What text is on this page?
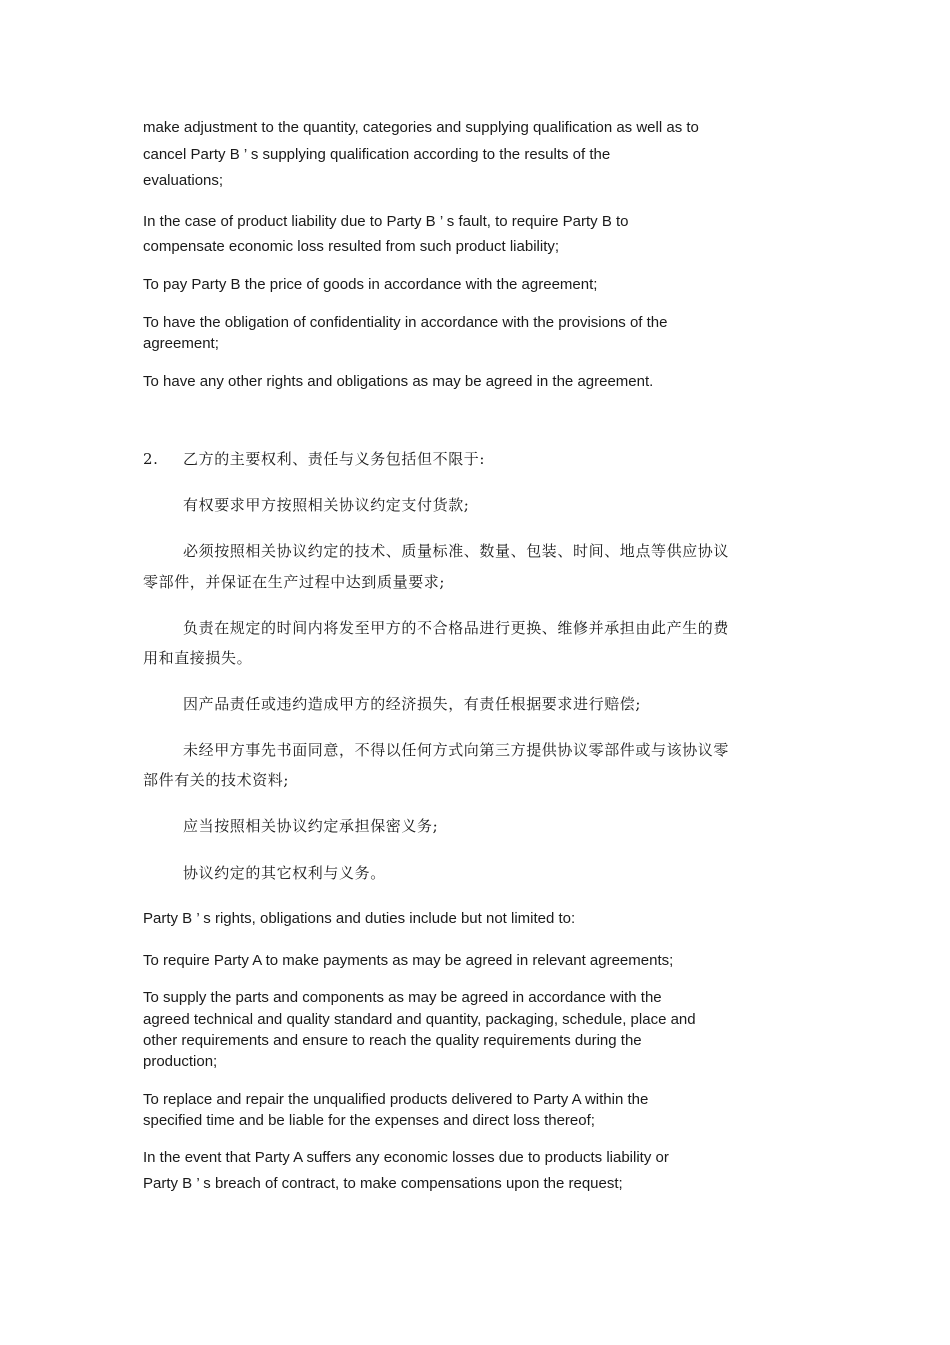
make adjustment to the quantity, categories and supplying qualification as well as to
cancel Party B ’ s supplying qualification according to the results of the
evaluations;
In the case of product liability due to Party B ’ s fault, to require Party B to
compensate economic loss resulted from such product liability;
To pay Party B the price of goods in accordance with the agreement;
To have the obligation of confidentiality in accordance with the provisions of the
agreement;
To have any other rights and obligations as may be agreed in the agreement.
2. 乙方的主要权利、责任与义务包括但不限于:
有权要求甲方按照相关协议约定支付货款;
必须按照相关协议约定的技术、质量标准、数量、包装、时间、地点等供应协议
零部件，并保证在生产过程中达到质量要求;
负责在规定的时间内将发至甲方的不合格品进行更换、维修并承担由此产生的费
用和直接损失。
因产品责任或违约造成甲方的经济损失，有责任根据要求进行赔偿;
未经甲方事先书面同意，不得以任何方式向第三方提供协议零部件或与该协议零
部件有关的技术资料;
应当按照相关协议约定承担保密义务;
协议约定的其它权利与义务。
Party B ’ s rights, obligations and duties include but not limited to:
To require Party A to make payments as may be agreed in relevant agreements;
To supply the parts and components as may be agreed in accordance with the
agreed technical and quality standard and quantity, packaging, schedule, place and
other requirements and ensure to reach the quality requirements during the
production;
To replace and repair the unqualified products delivered to Party A within the
specified time and be liable for the expenses and direct loss thereof;
In the event that Party A suffers any economic losses due to products liability or
Party B ’ s breach of contract, to make compensations upon the request;
